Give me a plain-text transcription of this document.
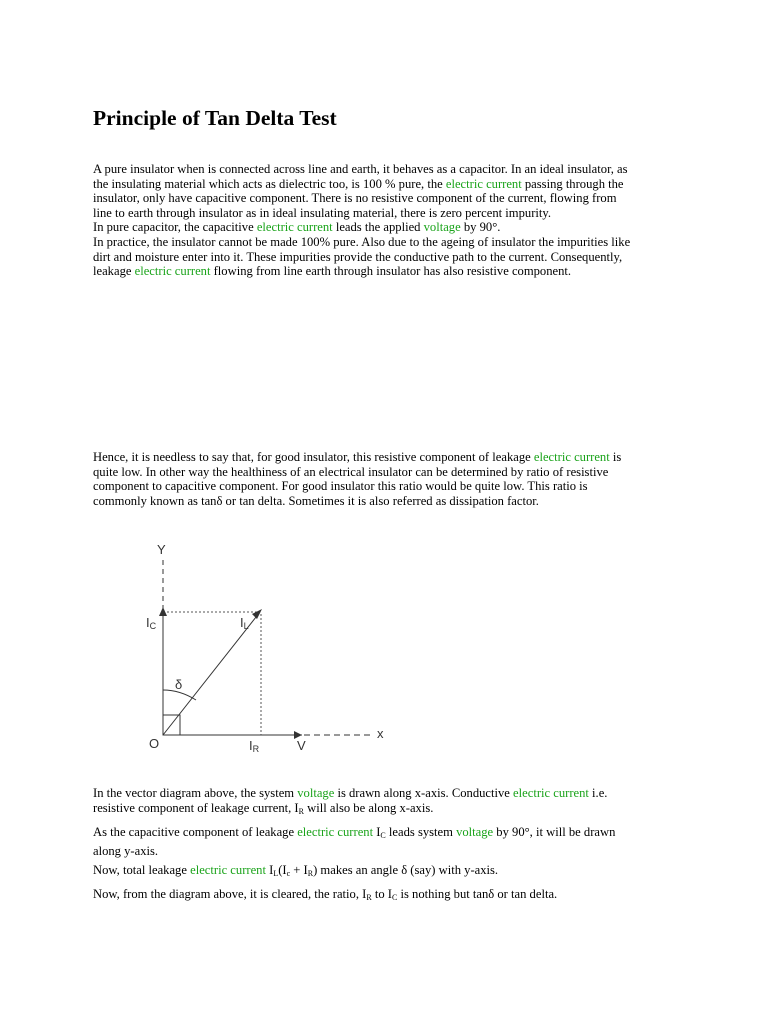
Principle of Tan Delta Test
A pure insulator when is connected across line and earth, it behaves as a capacitor. In an ideal insulator, as
the insulating material which acts as dielectric too, is 100 % pure, the electric current passing through the
insulator, only have capacitive component. There is no resistive component of the current, flowing from
line to earth through insulator as in ideal insulating material, there is zero percent impurity.
In pure capacitor, the capacitive electric current leads the applied voltage by 90°.
In practice, the insulator cannot be made 100% pure. Also due to the ageing of insulator the impurities like
dirt and moisture enter into it. These impurities provide the conductive path to the current. Consequently,
leakage electric current flowing from line earth through insulator has also resistive component.
Hence, it is needless to say that, for good insulator, this resistive component of leakage electric current is
quite low. In other way the healthiness of an electrical insulator can be determined by ratio of resistive
component to capacitive component. For good insulator this ratio would be quite low. This ratio is
commonly known as tanδ or tan delta. Sometimes it is also referred as dissipation factor.
Y
IC	IL
δ
O	IR	V
x
In the vector diagram above, the system voltage is drawn along x-axis. Conductive electric current i.e.
resistive component of leakage current, $I_R$ will also be along x-axis.
As the capacitive component of leakage electric current $I_C$ leads system voltage by 90°, it will be drawn
along y-axis.
Now, total leakage electric current $I_L(I_c + I_R)$ makes an angle δ (say) with y-axis.
Now, from the diagram above, it is cleared, the ratio, $I_R$ to $I_C$ is nothing but tanδ or tan delta.
